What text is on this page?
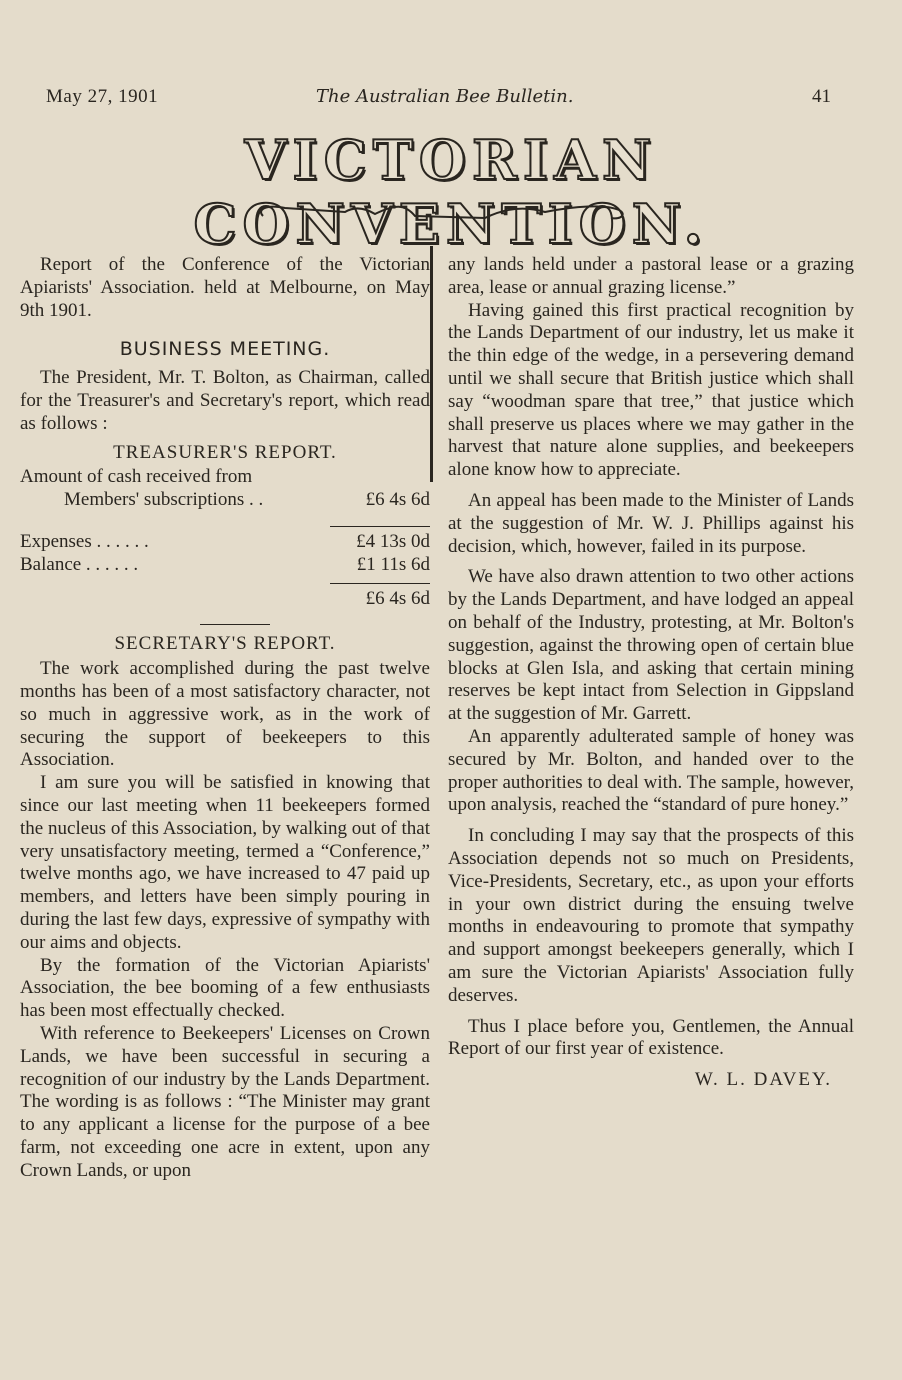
May 27, 1901	The Australian Bee Bulletin.	41
VICTORIAN CONVENTION.

Report of the Conference of the Victorian Apiarists' Association. held at Melbourne, on May 9th 1901.

BUSINESS MEETING.

The President, Mr. T. Bolton, as Chairman, called for the Treasurer's and Secretary's report, which read as follows :

TREASURER'S REPORT.
Amount of cash received from
Members' subscriptions . .	£6 4s 6d
Expenses . . . . . .	£4 13s 0d
Balance . . . . . .	£1 11s 6d
£6 4s 6d
SECRETARY'S REPORT.

The work accomplished during the past twelve months has been of a most satisfactory character, not so much in aggressive work, as in the work of securing the support of beekeepers to this Association.

I am sure you will be satisfied in knowing that since our last meeting when 11 beekeepers formed the nucleus of this Association, by walking out of that very unsatisfactory meeting, termed a “Conference,” twelve months ago, we have increased to 47 paid up members, and letters have been simply pouring in during the last few days, expressive of sympathy with our aims and objects.

By the formation of the Victorian Apiarists' Association, the bee booming of a few enthusiasts has been most effectually checked.

With reference to Beekeepers' Licenses on Crown Lands, we have been successful in securing a recognition of our industry by the Lands Department. The wording is as follows : “The Minister may grant to any applicant a license for the purpose of a bee farm, not exceeding one acre in extent, upon any Crown Lands, or upon

any lands held under a pastoral lease or a grazing area, lease or annual grazing license.”

Having gained this first practical recognition by the Lands Department of our industry, let us make it the thin edge of the wedge, in a persevering demand until we shall secure that British justice which shall say “woodman spare that tree,” that justice which shall preserve us places where we may gather in the harvest that nature alone supplies, and beekeepers alone know how to appreciate.

An appeal has been made to the Minister of Lands at the suggestion of Mr. W. J. Phillips against his decision, which, however, failed in its purpose.

We have also drawn attention to two other actions by the Lands Department, and have lodged an appeal on behalf of the Industry, protesting, at Mr. Bolton's suggestion, against the throwing open of certain blue blocks at Glen Isla, and asking that certain mining reserves be kept intact from Selection in Gippsland at the suggestion of Mr. Garrett.

An apparently adulterated sample of honey was secured by Mr. Bolton, and handed over to the proper authorities to deal with. The sample, however, upon analysis, reached the “standard of pure honey.”

In concluding I may say that the prospects of this Association depends not so much on Presidents, Vice-Presidents, Secretary, etc., as upon your efforts in your own district during the ensuing twelve months in endeavouring to promote that sympathy and support amongst beekeepers generally, which I am sure the Victorian Apiarists' Association fully deserves.

Thus I place before you, Gentlemen, the Annual Report of our first year of existence.

W. L. DAVEY.
